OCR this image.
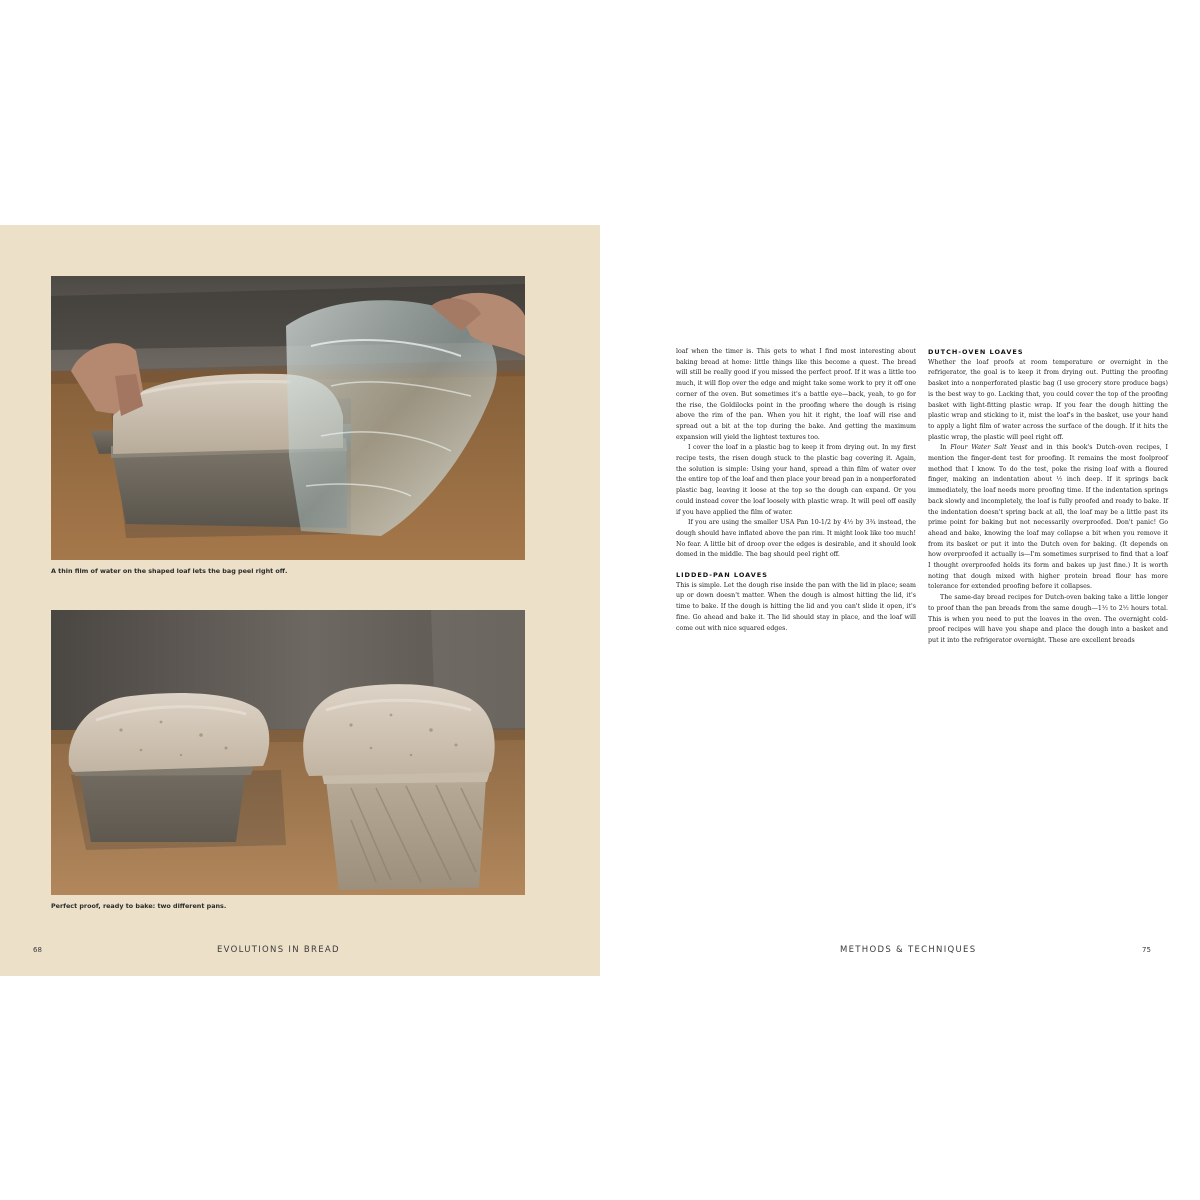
A thin film of water on the shaped loaf lets the bag peel right off.
Perfect proof, ready to bake: two different pans.
68	EVOLUTIONS IN BREAD

loaf when the timer is. This gets to what I find most interesting about baking bread at home: little things like this become a quest. The bread will still be really good if you missed the perfect proof. If it was a little too much, it will flop over the edge and might take some work to pry it off one corner of the oven. But sometimes it's a battle eye—back, yeah, to go for the rise, the Goldilocks point in the proofing where the dough is rising above the rim of the pan. When you hit it right, the loaf will rise and spread out a bit at the top during the bake. And getting the maximum expansion will yield the lightest textures too.

I cover the loaf in a plastic bag to keep it from drying out. In my first recipe tests, the risen dough stuck to the plastic bag covering it. Again, the solution is simple: Using your hand, spread a thin film of water over the entire top of the loaf and then place your bread pan in a nonperforated plastic bag, leaving it loose at the top so the dough can expand. Or you could instead cover the loaf loosely with plastic wrap. It will peel off easily if you have applied the film of water.

If you are using the smaller USA Pan 10-1/2 by 4½ by 3¾ instead, the dough should have inflated above the pan rim. It might look like too much! No fear. A little bit of droop over the edges is desirable, and it should look domed in the middle. The bag should peel right off.

LIDDED-PAN LOAVES

This is simple. Let the dough rise inside the pan with the lid in place; seam up or down doesn't matter. When the dough is almost hitting the lid, it's time to bake. If the dough is hitting the lid and you can't slide it open, it's fine. Go ahead and bake it. The lid should stay in place, and the loaf will come out with nice squared edges.

DUTCH-OVEN LOAVES

Whether the loaf proofs at room temperature or overnight in the refrigerator, the goal is to keep it from drying out. Putting the proofing basket into a nonperforated plastic bag (I use grocery store produce bags) is the best way to go. Lacking that, you could cover the top of the proofing basket with light-fitting plastic wrap. If you fear the dough hitting the plastic wrap and sticking to it, mist the loaf's in the basket, use your hand to apply a light film of water across the surface of the dough. If it hits the plastic wrap, the plastic will peel right off.

In Flour Water Salt Yeast and in this book's Dutch-oven recipes, I mention the finger-dent test for proofing. It remains the most foolproof method that I know. To do the test, poke the rising loaf with a floured finger, making an indentation about ½ inch deep. If it springs back immediately, the loaf needs more proofing time. If the indentation springs back slowly and incompletely, the loaf is fully proofed and ready to bake. If the indentation doesn't spring back at all, the loaf may be a little past its prime point for baking but not necessarily overproofed. Don't panic! Go ahead and bake, knowing the loaf may collapse a bit when you remove it from its basket or put it into the Dutch oven for baking. (It depends on how overproofed it actually is—I'm sometimes surprised to find that a loaf I thought overproofed holds its form and bakes up just fine.) It is worth noting that dough mixed with higher protein bread flour has more tolerance for extended proofing before it collapses.

The same-day bread recipes for Dutch-oven baking take a little longer to proof than the pan breads from the same dough—1½ to 2½ hours total. This is when you need to put the loaves in the oven. The overnight cold-proof recipes will have you shape and place the dough into a basket and put it into the refrigerator overnight. These are excellent breads

METHODS & TECHNIQUES	75
